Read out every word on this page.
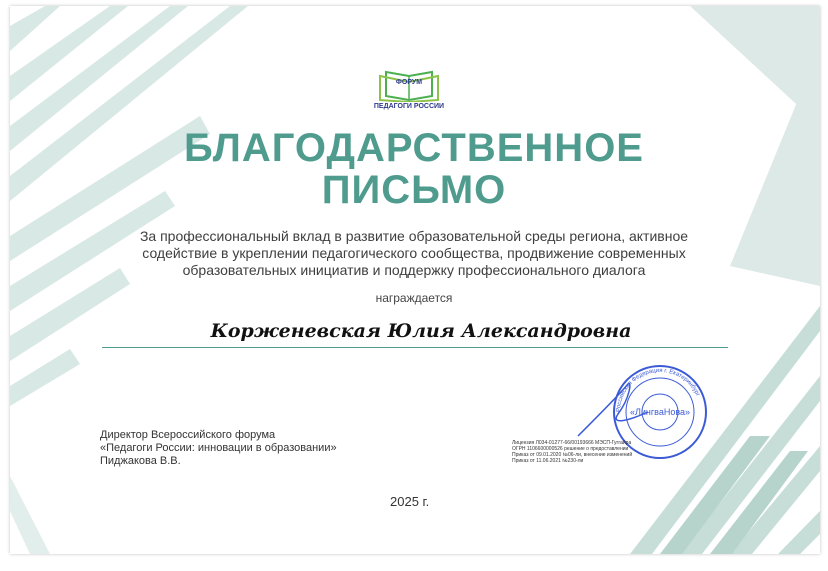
ФОРУМ
ПЕДАГОГИ РОССИИ
БЛАГОДАРСТВЕННОЕ
ПИСЬМО
За профессиональный вклад в развитие образовательной среды региона, активное
содействие в укреплении педагогического сообщества, продвижение современных
образовательных инициатив и поддержку профессионального диалога
награждается
Корженевская Юлия Александровна
Директор Всероссийского форума
«Педагоги России: инновации в образовании»
Пиджакова В.В.
«ЛингваНова»
Российская Федерация г. Екатеринбург
Лицензия Л034-01277-66/00193666 МЭСП-Гуггайра
ОГРН 1106600000526 решение о предоставлении
Приказ от 09.01.2020 №06-ли, внесение изменений
Приказ от 11.06.2021 №230-ли
2025 г.
